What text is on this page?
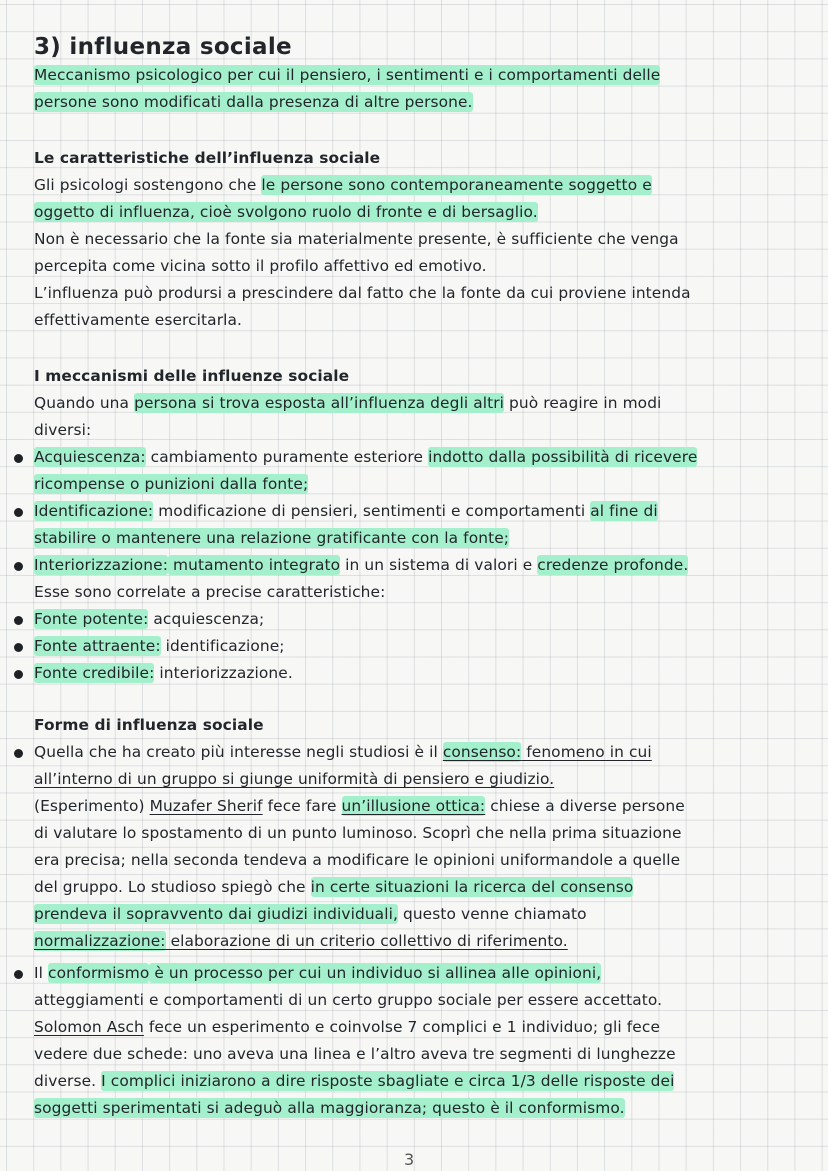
3) influenza sociale
Meccanismo psicologico per cui il pensiero, i sentimenti e i comportamenti delle
persone sono modificati dalla presenza di altre persone.
Le caratteristiche dell’influenza sociale
Gli psicologi sostengono che le persone sono contemporaneamente soggetto e
oggetto di influenza, cioè svolgono ruolo di fronte e di bersaglio.
Non è necessario che la fonte sia materialmente presente, è sufficiente che venga
percepita come vicina sotto il profilo affettivo ed emotivo.
L’influenza può prodursi a prescindere dal fatto che la fonte da cui proviene intenda
effettivamente esercitarla.
I meccanismi delle influenze sociale
Quando una persona si trova esposta all’influenza degli altri può reagire in modi
diversi:
Acquiescenza: cambiamento puramente esteriore indotto dalla possibilità di ricevere
ricompense o punizioni dalla fonte;
Identificazione: modificazione di pensieri, sentimenti e comportamenti al fine di
stabilire o mantenere una relazione gratificante con la fonte;
Interiorizzazione: mutamento integrato in un sistema di valori e credenze profonde.
Esse sono correlate a precise caratteristiche:
Fonte potente: acquiescenza;
Fonte attraente: identificazione;
Fonte credibile: interiorizzazione.
Forme di influenza sociale
Quella che ha creato più interesse negli studiosi è il consenso: fenomeno in cui
all’interno di un gruppo si giunge uniformità di pensiero e giudizio.
(Esperimento) Muzafer Sherif fece fare un’illusione ottica: chiese a diverse persone
di valutare lo spostamento di un punto luminoso. Scoprì che nella prima situazione
era precisa; nella seconda tendeva a modificare le opinioni uniformandole a quelle
del gruppo. Lo studioso spiegò che in certe situazioni la ricerca del consenso
prendeva il sopravvento dai giudizi individuali, questo venne chiamato
normalizzazione: elaborazione di un criterio collettivo di riferimento.
Il conformismo è un processo per cui un individuo si allinea alle opinioni,
atteggiamenti e comportamenti di un certo gruppo sociale per essere accettato.
Solomon Asch fece un esperimento e coinvolse 7 complici e 1 individuo; gli fece
vedere due schede: uno aveva una linea e l’altro aveva tre segmenti di lunghezze
diverse. I complici iniziarono a dire risposte sbagliate e circa 1/3 delle risposte dei
soggetti sperimentati si adeguò alla maggioranza; questo è il conformismo.
3
